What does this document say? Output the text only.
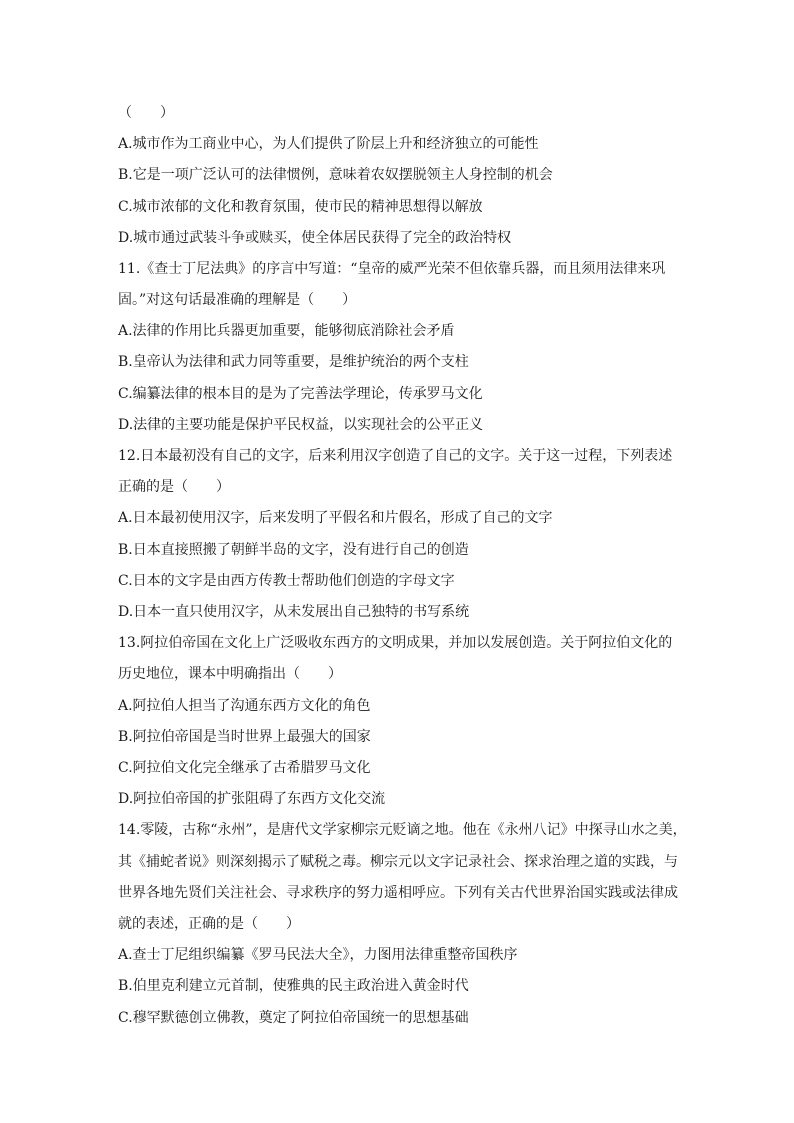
（　　）
A.城市作为工商业中心，为人们提供了阶层上升和经济独立的可能性
B.它是一项广泛认可的法律惯例，意味着农奴摆脱领主人身控制的机会
C.城市浓郁的文化和教育氛围，使市民的精神思想得以解放
D.城市通过武装斗争或赎买，使全体居民获得了完全的政治特权
11.《查士丁尼法典》的序言中写道：“皇帝的威严光荣不但依靠兵器，而且须用法律来巩
固。”对这句话最准确的理解是（　　）
A.法律的作用比兵器更加重要，能够彻底消除社会矛盾
B.皇帝认为法律和武力同等重要，是维护统治的两个支柱
C.编纂法律的根本目的是为了完善法学理论，传承罗马文化
D.法律的主要功能是保护平民权益，以实现社会的公平正义
12.日本最初没有自己的文字，后来利用汉字创造了自己的文字。关于这一过程，下列表述
正确的是（　　）
A.日本最初使用汉字，后来发明了平假名和片假名，形成了自己的文字
B.日本直接照搬了朝鲜半岛的文字，没有进行自己的创造
C.日本的文字是由西方传教士帮助他们创造的字母文字
D.日本一直只使用汉字，从未发展出自己独特的书写系统
13.阿拉伯帝国在文化上广泛吸收东西方的文明成果，并加以发展创造。关于阿拉伯文化的
历史地位，课本中明确指出（　　）
A.阿拉伯人担当了沟通东西方文化的角色
B.阿拉伯帝国是当时世界上最强大的国家
C.阿拉伯文化完全继承了古希腊罗马文化
D.阿拉伯帝国的扩张阻碍了东西方文化交流
14.零陵，古称“永州”，是唐代文学家柳宗元贬谪之地。他在《永州八记》中探寻山水之美，
其《捕蛇者说》则深刻揭示了赋税之毒。柳宗元以文字记录社会、探求治理之道的实践，与
世界各地先贤们关注社会、寻求秩序的努力遥相呼应。下列有关古代世界治国实践或法律成
就的表述，正确的是（　　）
A.查士丁尼组织编纂《罗马民法大全》，力图用法律重整帝国秩序
B.伯里克利建立元首制，使雅典的民主政治进入黄金时代
C.穆罕默德创立佛教，奠定了阿拉伯帝国统一的思想基础
